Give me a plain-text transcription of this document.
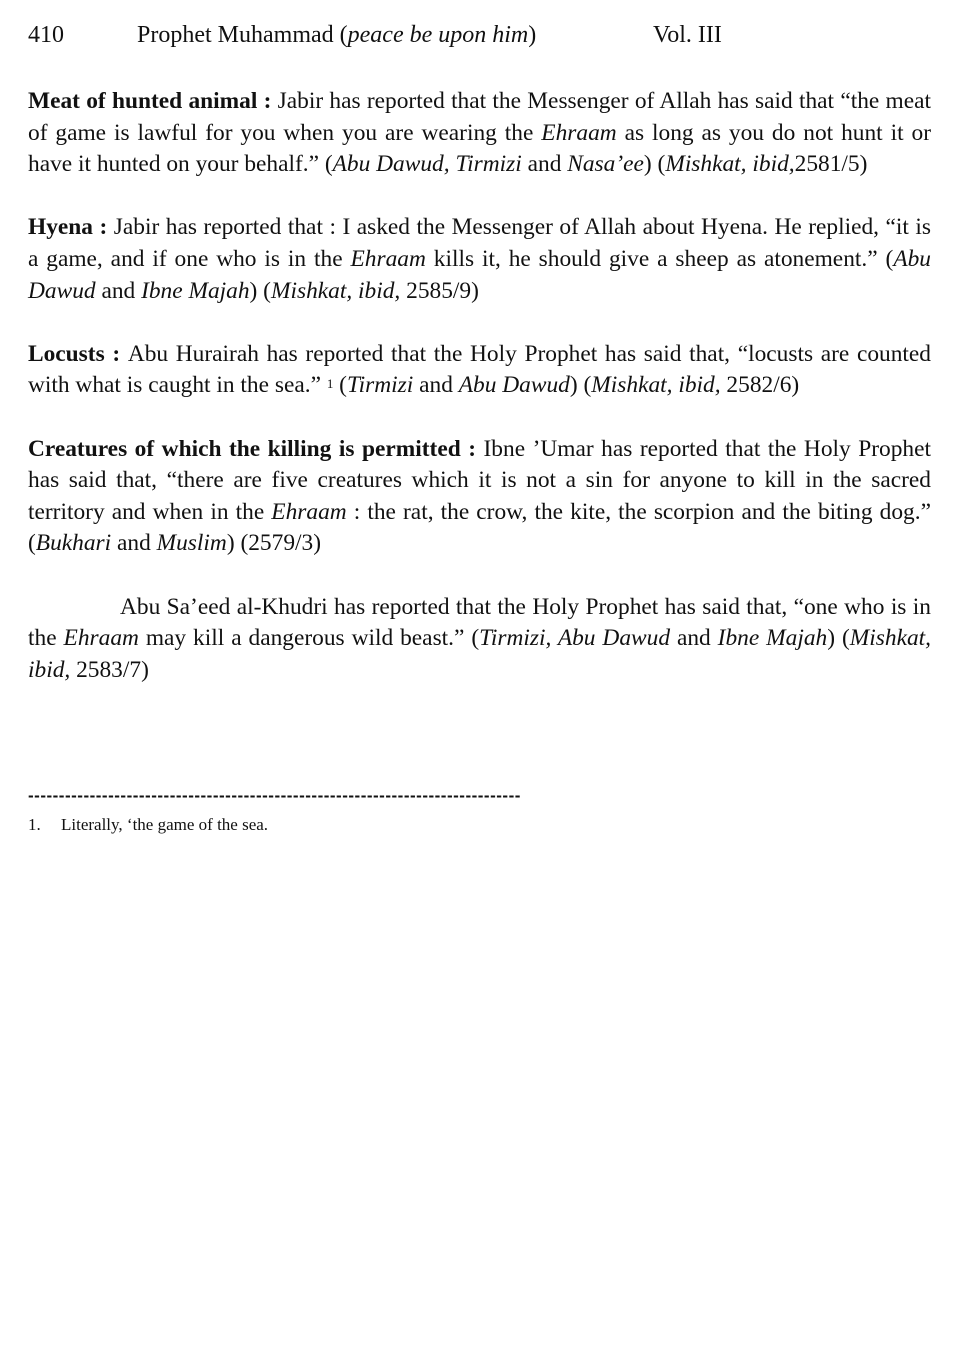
410	Prophet Muhammad (peace be upon him)	Vol. III

Meat of hunted animal : Jabir has reported that the Messenger of Allah has said that “the meat of game is lawful for you when you are wearing the Ehraam as long as you do not hunt it or have it hunted on your behalf.” (Abu Dawud, Tirmizi and Nasa’ee) (Mishkat, ibid,2581/5)

Hyena : Jabir has reported that : I asked the Messenger of Allah about Hyena. He replied, “it is a game, and if one who is in the Ehraam kills it, he should give a sheep as atonement.” (Abu Dawud and Ibne Majah) (Mishkat, ibid, 2585/9)

Locusts : Abu Hurairah has reported that the Holy Prophet has said that, “locusts are counted with what is caught in the sea.” $^1$ (Tirmizi and Abu Dawud) (Mishkat, ibid, 2582/6)

Creatures of which the killing is permitted : Ibne ’Umar has reported that the Holy Prophet has said that, “there are five creatures which it is not a sin for anyone to kill in the sacred territory and when in the Ehraam : the rat, the crow, the kite, the scorpion and the biting dog.” (Bukhari and Muslim) (2579/3)

Abu Sa’eed al-Khudri has reported that the Holy Prophet has said that, “one who is in the Ehraam may kill a dangerous wild beast.” (Tirmizi, Abu Dawud and Ibne Majah) (Mishkat, ibid, 2583/7)

--------------------------------------------------------------------------------
1. Literally, ‘the game of the sea.
